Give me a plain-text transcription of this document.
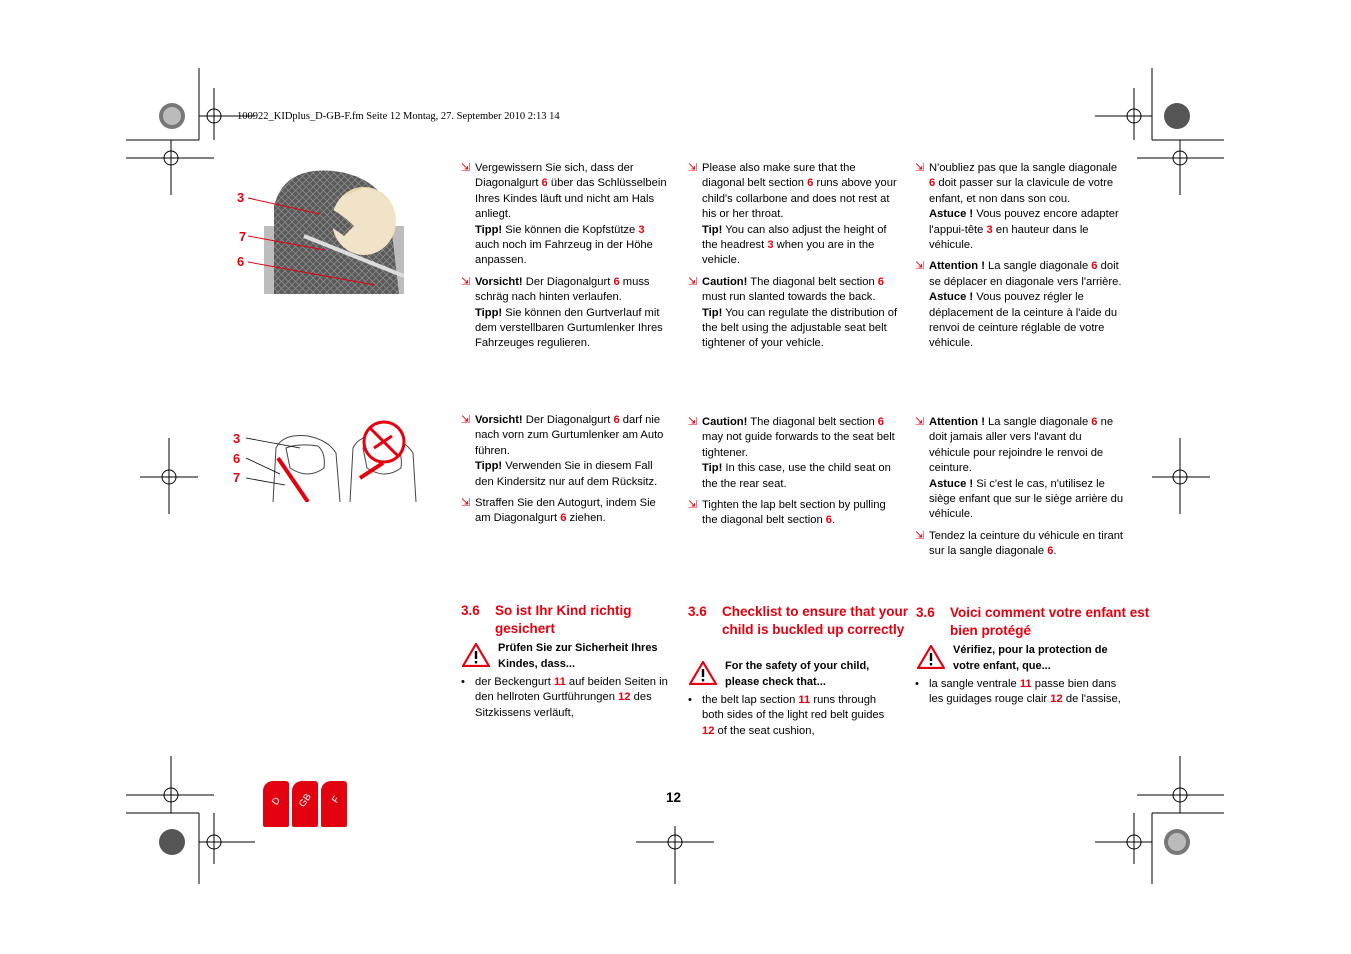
100922_KIDplus_D-GB-F.fm Seite 12 Montag, 27. September 2010 2:13 14
3
7
6
3
6
7
⇲ Vergewissern Sie sich, dass der Diagonalgurt 6 über das Schlüsselbein Ihres Kindes läuft und nicht am Hals anliegt.
Tipp! Sie können die Kopfstütze 3 auch noch im Fahrzeug in der Höhe anpassen.
⇲ Vorsicht! Der Diagonalgurt 6 muss schräg nach hinten verlaufen.
Tipp! Sie können den Gurtverlauf mit dem verstellbaren Gurtumlenker Ihres Fahrzeuges regulieren.
⇲ Please also make sure that the diagonal belt section 6 runs above your child's collarbone and does not rest at his or her throat.
Tip! You can also adjust the height of the headrest 3 when you are in the vehicle.
⇲ Caution! The diagonal belt section 6 must run slanted towards the back.
Tip! You can regulate the distribution of the belt using the adjustable seat belt tightener of your vehicle.
⇲ N'oubliez pas que la sangle diagonale 6 doit passer sur la clavicule de votre enfant, et non dans son cou.
Astuce ! Vous pouvez encore adapter l'appui-tête 3 en hauteur dans le véhicule.
⇲ Attention ! La sangle diagonale 6 doit se déplacer en diagonale vers l'arrière.
Astuce ! Vous pouvez régler le déplacement de la ceinture à l'aide du renvoi de ceinture réglable de votre véhicule.
⇲ Vorsicht! Der Diagonalgurt 6 darf nie nach vorn zum Gurtumlenker am Auto führen.
Tipp! Verwenden Sie in diesem Fall den Kindersitz nur auf dem Rücksitz.
⇲ Straffen Sie den Autogurt, indem Sie am Diagonalgurt 6 ziehen.
⇲ Caution! The diagonal belt section 6 may not guide forwards to the seat belt tightener.
Tip! In this case, use the child seat on the the rear seat.
⇲ Tighten the lap belt section by pulling the diagonal belt section 6.
⇲ Attention ! La sangle diagonale 6 ne doit jamais aller vers l'avant du véhicule pour rejoindre le renvoi de ceinture.
Astuce ! Si c'est le cas, n'utilisez le siège enfant que sur le siège arrière du véhicule.
⇲ Tendez la ceinture du véhicule en tirant sur la sangle diagonale 6.
3.6 So ist Ihr Kind richtig gesichert
Prüfen Sie zur Sicherheit Ihres Kindes, dass...
• der Beckengurt 11 auf beiden Seiten in den hellroten Gurtführungen 12 des Sitzkissens verläuft,
3.6 Checklist to ensure that your child is buckled up correctly
For the safety of your child, please check that...
• the belt lap section 11 runs through both sides of the light red belt guides 12 of the seat cushion,
3.6 Voici comment votre enfant est bien protégé
Vérifiez, pour la protection de votre enfant, que...
• la sangle ventrale 11 passe bien dans les guidages rouge clair 12 de l'assise,
12
D GB F
